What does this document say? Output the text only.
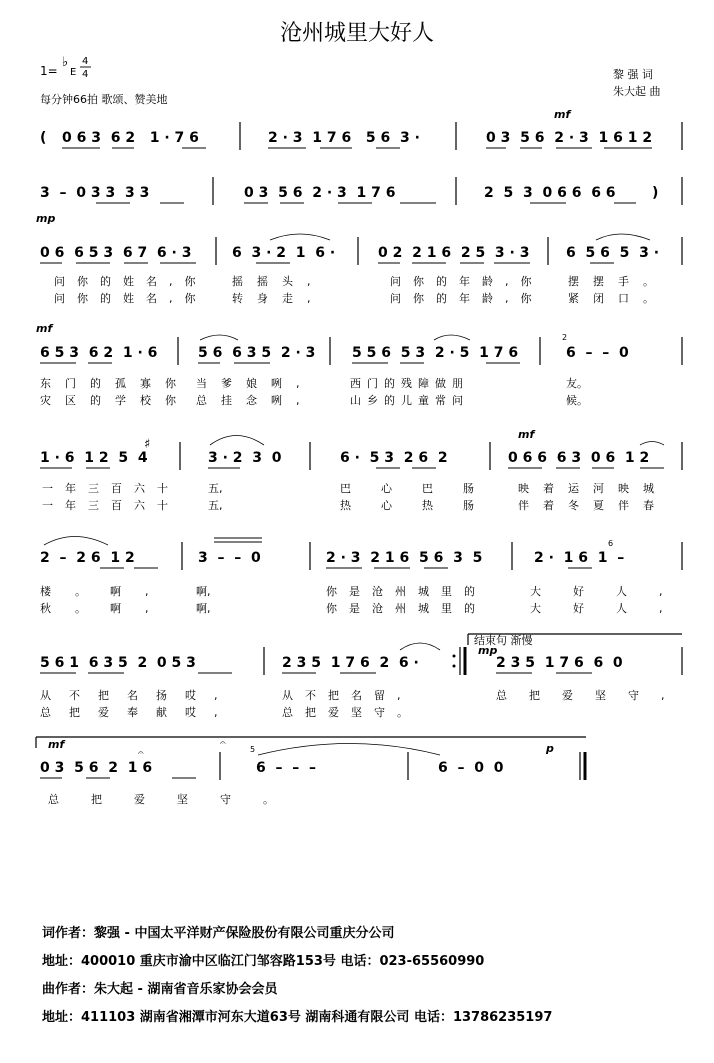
沧州城里大好人
1=
♭
E
4
4
每分钟66拍 歌颂、赞美地
黎 强 词
朱大起 曲
( 0 6 3  6 2   1 · 7 6	2 · 3  1 7 6   5 6  3 ·
mf
0 3  5 6  2 · 3  1 6 1 2
3  –  0 3 3  3 3	0 3  5 6  2 · 3  1 7 6	2  5  3  0 6 6  6 6	)
mp
0 6  6 5 3  6 7  6 · 3	6  3 · 2  1  6 ·	0 2  2 1 6  2 5  3 · 3	6  5 6  5  3 ·
问你的姓名,你 摇摇头,	问你的年龄,你 摆摆手。
问你的姓名,你 转身走,	问你的年龄,你 紧闭口。
mf
6 5 3  6 2  1 · 6	5 6  6 3 5  2 · 3	5 5 6  5 3  2 · 5  1 7 6
2
6  –  –  0
东门的孤寡你 当爹娘咧,	西门的残障做朋	友。
灾区的学校你 总挂念咧,	山乡的儿童常问	候。
1 · 6  1 2  5  4
♯
3 · 2  3  0	6 ·  5 3  2 6  2
mf
0 6 6  6 3  0 6  1 2
一年三百六十	五,	巴心巴肠 映着运河映城
一年三百六十	五,	热心热肠 伴着冬夏伴春
2  –  2 6  1 2	3  –  –  0	2 · 3  2 1 6  5 6  3  5
6
2 ·  1 6  1  –
楼。啊, 啊,	你是沧州城里的	大好人,
秋。啊, 啊,	你是沧州城里的	大好人,
5 6 1  6 3 5  2  0 5 3	2 3 5  1 7 6  2  6 ·
结束句 渐慢
mp
2 3 5  1 7 6  6  0
从不把名扬哎,	从不把名留,	总把爱坚守,
总把爱奉献哎,	总把爱坚守。
mf
0 3  5 6  2  1 6
𝄐
𝄐
5
6  –  –  –
p
6  –  0  0
总把爱坚守。
词作者：黎强 - 中国太平洋财产保险股份有限公司重庆分公司
地址：400010 重庆市渝中区临江门邹容路153号 电话：023-65560990
曲作者：朱大起 - 湖南省音乐家协会会员
地址：411103 湖南省湘潭市河东大道63号 湖南科通有限公司 电话：13786235197
